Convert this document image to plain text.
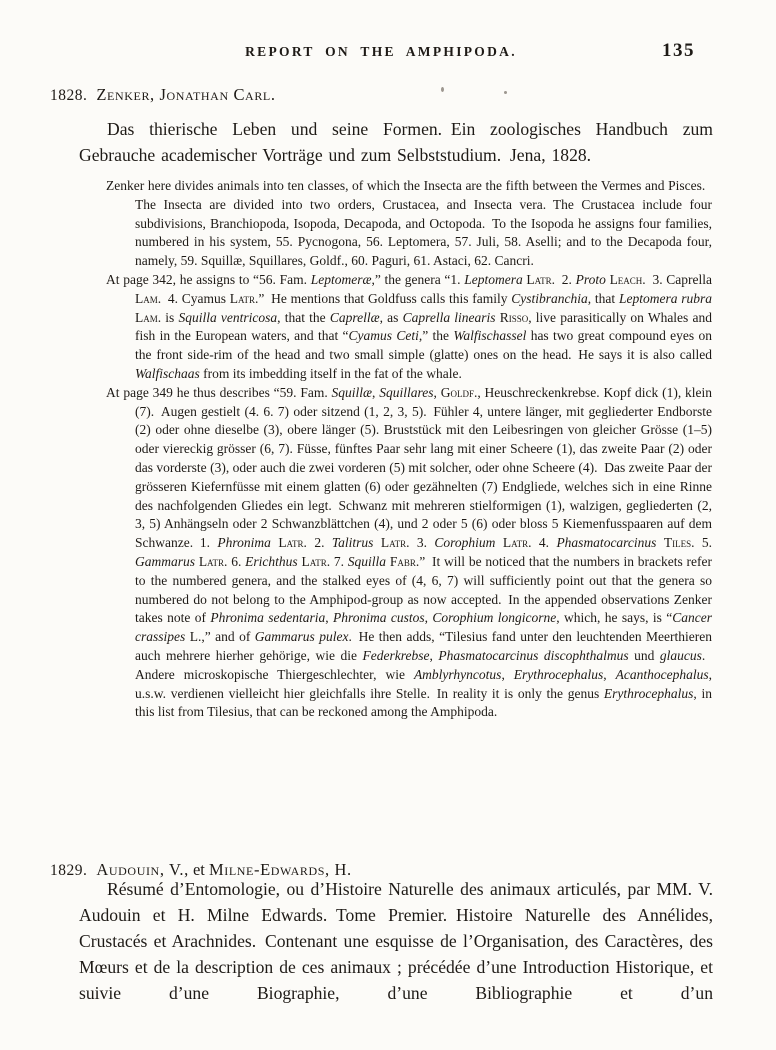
REPORT ON THE AMPHIPODA.	135
1828. Zenker, Jonathan Carl.

Das thierische Leben und seine Formen. Ein zoologisches Handbuch zum Gebrauche academischer Vorträge und zum Selbststudium. Jena, 1828.

Zenker here divides animals into ten classes, of which the Insecta are the fifth between the Vermes and Pisces. The Insecta are divided into two orders, Crustacea, and Insecta vera. The Crustacea include four subdivisions, Branchiopoda, Isopoda, Decapoda, and Octopoda. To the Isopoda he assigns four families, numbered in his system, 55. Pycnogona, 56. Leptomera, 57. Juli, 58. Aselli; and to the Decapoda four, namely, 59. Squillæ, Squillares, Goldf., 60. Paguri, 61. Astaci, 62. Cancri.

At page 342, he assigns to “56. Fam. Leptomeræ,” the genera “1. Leptomera Latr. 2. Proto Leach. 3. Caprella Lam. 4. Cyamus Latr.” He mentions that Goldfuss calls this family Cystibranchia, that Leptomera rubra Lam. is Squilla ventricosa, that the Caprellæ, as Caprella linearis Risso, live parasitically on Whales and fish in the European waters, and that “Cyamus Ceti,” the Walfischassel has two great compound eyes on the front side-rim of the head and two small simple (glatte) ones on the head. He says it is also called Walfischaas from its imbedding itself in the fat of the whale.

At page 349 he thus describes “59. Fam. Squillæ, Squillares, Goldf., Heuschreckenkrebse. Kopf dick (1), klein (7). Augen gestielt (4. 6. 7) oder sitzend (1, 2, 3, 5). Fühler 4, untere länger, mit gegliederter Endborste (2) oder ohne dieselbe (3), obere länger (5). Bruststück mit den Leibesringen von gleicher Grösse (1–5) oder viereckig grösser (6, 7). Füsse, fünftes Paar sehr lang mit einer Scheere (1), das zweite Paar (2) oder das vorderste (3), oder auch die zwei vorderen (5) mit solcher, oder ohne Scheere (4). Das zweite Paar der grösseren Kiefernfüsse mit einem glatten (6) oder gezähnelten (7) Endgliede, welches sich in eine Rinne des nachfolgenden Gliedes ein legt. Schwanz mit mehreren stielformigen (1), walzigen, gegliederten (2, 3, 5) Anhängseln oder 2 Schwanzblättchen (4), und 2 oder 5 (6) oder bloss 5 Kiemenfusspaaren auf dem Schwanze. 1. Phronima Latr. 2. Talitrus Latr. 3. Corophium Latr. 4. Phasmatocarcinus Tiles. 5. Gammarus Latr. 6. Erichthus Latr. 7. Squilla Fabr.” It will be noticed that the numbers in brackets refer to the numbered genera, and the stalked eyes of (4, 6, 7) will sufficiently point out that the genera so numbered do not belong to the Amphipod-group as now accepted. In the appended observations Zenker takes note of Phronima sedentaria, Phronima custos, Corophium longicorne, which, he says, is “Cancer crassipes L.,” and of Gammarus pulex. He then adds, “Tilesius fand unter den leuchtenden Meerthieren auch mehrere hierher gehörige, wie die Federkrebse, Phasmatocarcinus discophthalmus und glaucus. Andere microskopische Thiergeschlechter, wie Amblyrhyncotus, Erythrocephalus, Acanthocephalus, u.s.w. verdienen vielleicht hier gleichfalls ihre Stelle. In reality it is only the genus Erythrocephalus, in this list from Tilesius, that can be reckoned among the Amphipoda.

1829. Audouin, V., et Milne-Edwards, H.

Résumé d’Entomologie, ou d’Histoire Naturelle des animaux articulés, par MM. V. Audouin et H. Milne Edwards. Tome Premier. Histoire Naturelle des Annélides, Crustacés et Arachnides. Contenant une esquisse de l’Organisation, des Caractères, des Mœurs et de la description de ces animaux ; précédée d’une Introduction Historique, et suivie d’une Biographie, d’une Bibliographie et d’un
